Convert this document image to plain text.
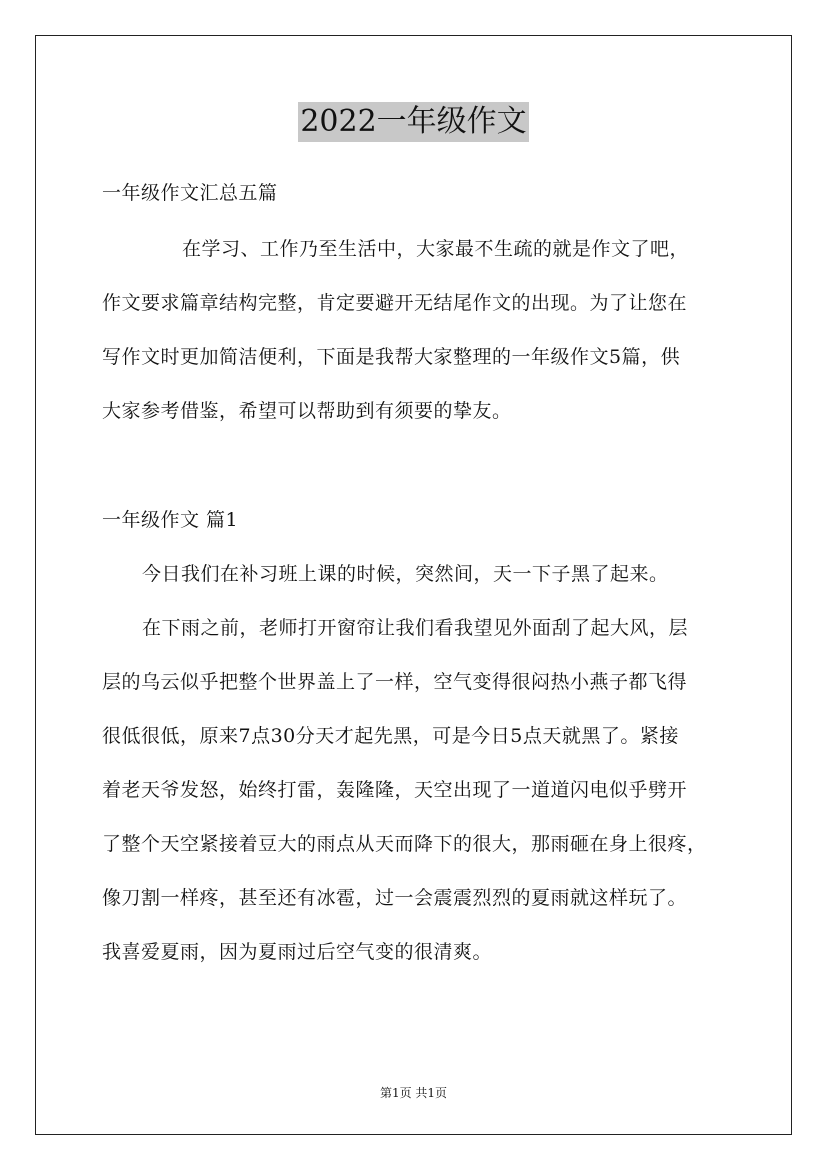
2022一年级作文
一年级作文汇总五篇
在学习、工作乃至生活中，大家最不生疏的就是作文了吧，
作文要求篇章结构完整，肯定要避开无结尾作文的出现。为了让您在
写作文时更加简洁便利，下面是我帮大家整理的一年级作文5篇，供
大家参考借鉴，希望可以帮助到有须要的挚友。
一年级作文 篇1
今日我们在补习班上课的时候，突然间，天一下子黑了起来。
在下雨之前，老师打开窗帘让我们看我望见外面刮了起大风，层
层的乌云似乎把整个世界盖上了一样，空气变得很闷热小燕子都飞得
很低很低，原来7点30分天才起先黑，可是今日5点天就黑了。紧接
着老天爷发怒，始终打雷，轰隆隆，天空出现了一道道闪电似乎劈开
了整个天空紧接着豆大的雨点从天而降下的很大，那雨砸在身上很疼，
像刀割一样疼，甚至还有冰雹，过一会震震烈烈的夏雨就这样玩了。
我喜爱夏雨，因为夏雨过后空气变的很清爽。
第1页 共1页
